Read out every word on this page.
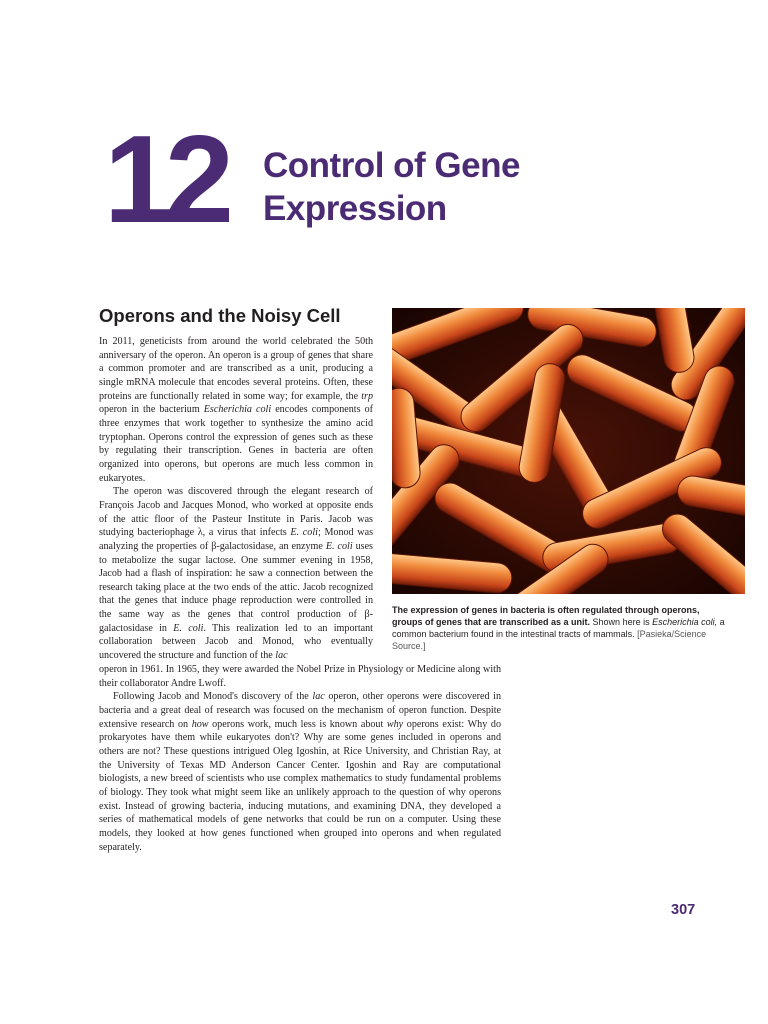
12 Control of Gene
Expression
Operons and the Noisy Cell

In 2011, geneticists from around the world celebrated the 50th anniversary of the operon. An operon is a group of genes that share a common promoter and are transcribed as a unit, producing a single mRNA molecule that encodes several proteins. Often, these proteins are functionally related in some way; for example, the trp operon in the bacterium Escherichia coli encodes components of three enzymes that work together to synthesize the amino acid tryptophan. Operons control the expression of genes such as these by regulating their transcription. Genes in bacteria are often organized into operons, but operons are much less common in eukaryotes.

The operon was discovered through the elegant research of François Jacob and Jacques Monod, who worked at opposite ends of the attic floor of the Pasteur Institute in Paris. Jacob was studying bacteriophage λ, a virus that infects E. coli; Monod was analyzing the properties of β-galactosidase, an enzyme E. coli uses to metabolize the sugar lactose. One summer evening in 1958, Jacob had a flash of inspiration: he saw a connection between the research taking place at the two ends of the attic. Jacob recognized that the genes that induce phage reproduction were controlled in the same way as the genes that control production of β-galactosidase in E. coli. This realization led to an important collaboration between Jacob and Monod, who eventually uncovered the structure and function of the lac

operon in 1961. In 1965, they were awarded the Nobel Prize in Physiology or Medicine along with their collaborator Andre Lwoff.

Following Jacob and Monod's discovery of the lac operon, other operons were discovered in bacteria and a great deal of research was focused on the mechanism of operon function. Despite extensive research on how operons work, much less is known about why operons exist: Why do prokaryotes have them while eukaryotes don't? Why are some genes included in operons and others are not? These questions intrigued Oleg Igoshin, at Rice University, and Christian Ray, at the University of Texas MD Anderson Cancer Center. Igoshin and Ray are computational biologists, a new breed of scientists who use complex mathematics to study fundamental problems of biology. They took what might seem like an unlikely approach to the question of why operons exist. Instead of growing bacteria, inducing mutations, and examining DNA, they developed a series of mathematical models of gene networks that could be run on a computer. Using these models, they looked at how genes functioned when grouped into operons and when regulated separately.

The expression of genes in bacteria is often regulated through operons, groups of genes that are transcribed as a unit. Shown here is Escherichia coli, a common bacterium found in the intestinal tracts of mammals. [Pasieka/Science Source.]
307
